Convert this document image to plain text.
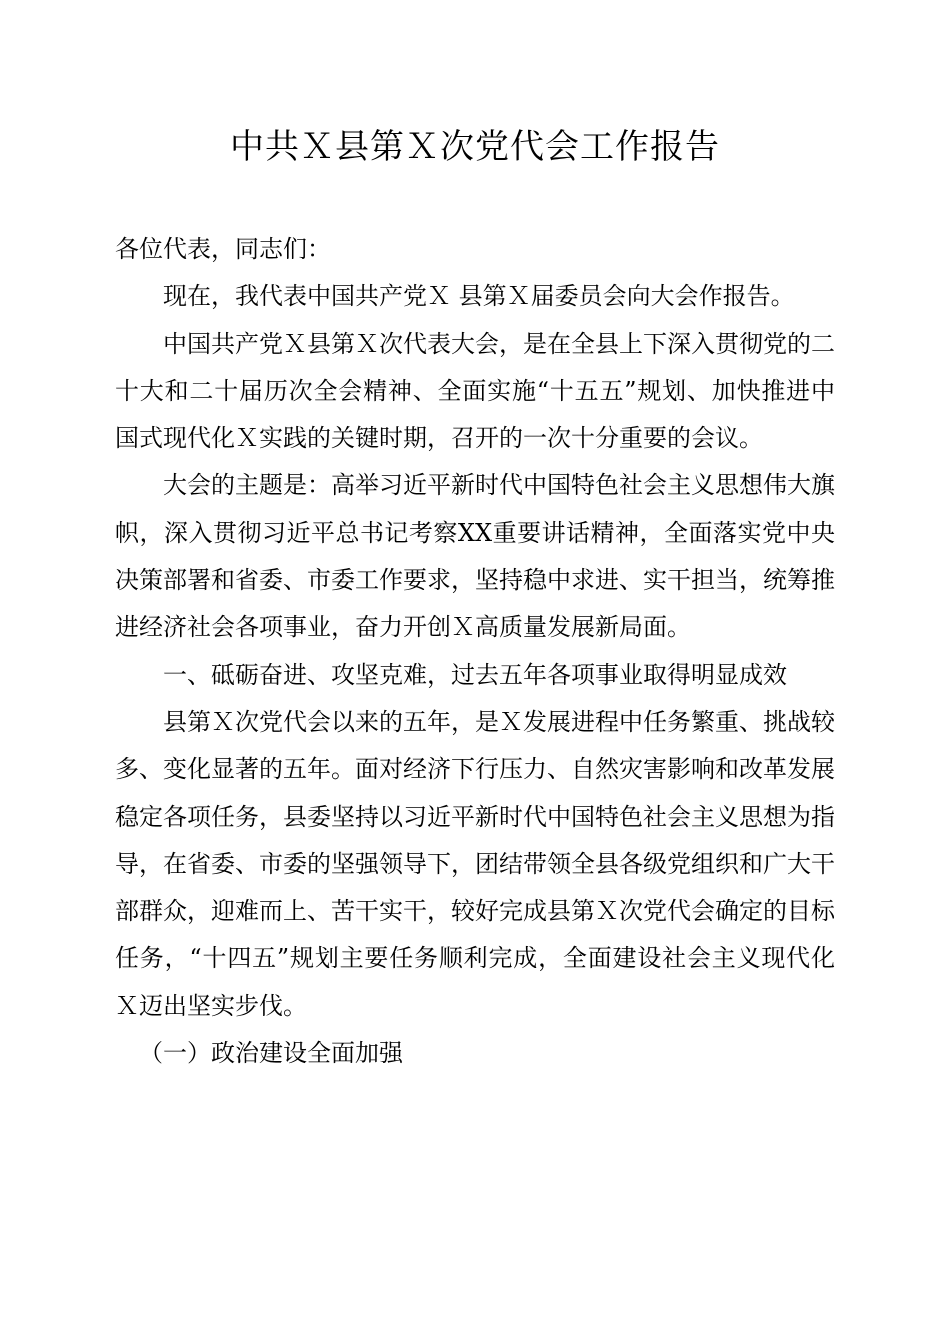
中共Ｘ县第Ｘ次党代会工作报告

各位代表，同志们：

现在，我代表中国共产党Ｘ 县第Ｘ届委员会向大会作报告。

中国共产党Ｘ县第Ｘ次代表大会，是在全县上下深入贯彻党的二十大和二十届历次全会精神、全面实施“十五五”规划、加快推进中国式现代化Ｘ实践的关键时期，召开的一次十分重要的会议。

大会的主题是：高举习近平新时代中国特色社会主义思想伟大旗帜，深入贯彻习近平总书记考察XX重要讲话精神，全面落实党中央决策部署和省委、市委工作要求，坚持稳中求进、实干担当，统筹推进经济社会各项事业，奋力开创Ｘ高质量发展新局面。

一、砥砺奋进、攻坚克难，过去五年各项事业取得明显成效

县第Ｘ次党代会以来的五年，是Ｘ发展进程中任务繁重、挑战较多、变化显著的五年。面对经济下行压力、自然灾害影响和改革发展稳定各项任务，县委坚持以习近平新时代中国特色社会主义思想为指导，在省委、市委的坚强领导下，团结带领全县各级党组织和广大干部群众，迎难而上、苦干实干，较好完成县第Ｘ次党代会确定的目标任务，“十四五”规划主要任务顺利完成，全面建设社会主义现代化Ｘ迈出坚实步伐。

（一）政治建设全面加强
